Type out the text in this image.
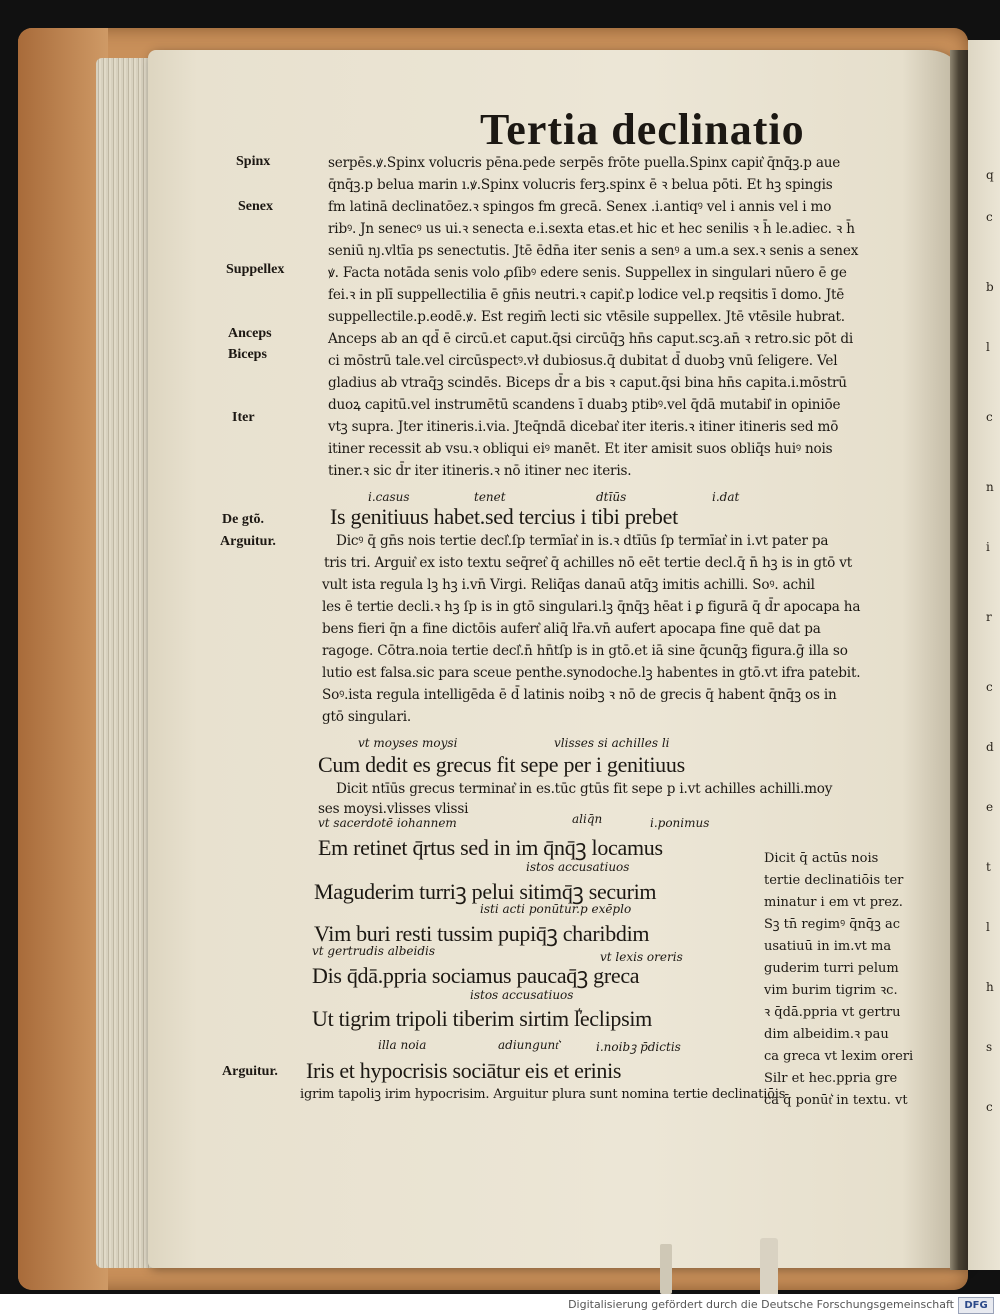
Tertia declinatio
Spinx
Senex
Suppellex
Anceps
Biceps
Iter
De gtõ.
Arguitur.
Arguitur.
serpēs.ꝟ.Spinx volucris pēna.pede serpēs frōte puella.Spinx capit͛ q̄nq̄ꝫ.p aue
q̄nq̄ꝫ.p belua marin ı.ꝟ.Spinx volucris ferꝫ.spinx ē ꝛ belua pōti. Et hꝫ spingis
fm latinā declinatōez.ꝛ spingos fm grecā. Senex .i.antiqꝰ vel i annis vel i mo
ribꝰ. Jn senecꝰ us ui.ꝛ senecta e.i.sexta etas.et hic et hec senilis ꝛ h̄ le.adiec. ꝛ h̄
seniū nȷ.vltīa ps senectutis. Jtē ēdn̄a iter senis a senꝰ a um.a sex.ꝛ senis a senex
ꝟ. Facta notāda senis volo ꝓſibꝰ edere senis. Suppellex in singulari nūero ē ge
fei.ꝛ in plī suppellectilia ē gn̄is neutri.ꝛ capit͛.p lodice vel.p reqsitis ī domo. Jtē
suppellectile.p.eodē.ꝟ. Est regim̄ lecti sic vtēsile suppellex. Jtē vtēsile hubrat.
Anceps ab an qd̄ ē circū.et caput.q̄si circūq̄ꝫ hn̄s caput.scꝫ.an̄ ꝛ retro.sic pōt di
ci mōstrū tale.vel circūspectꝰ.vł dubiosus.q̄ dubitat d̄ duobꝫ vnū ſeligere. Vel
gladius ab vtraq̄ꝫ scindēs. Biceps d̄r a bis ꝛ caput.q̄si bina hn̄s capita.i.mōstrū
duoꝝ capitū.vel instrumētū scandens ī duabꝫ ptibꝰ.vel q̄dā mutabil͛ in opiniōe
vtꝫ supra. Jter itineris.i.via. Jteq̄ndā dicebat͛ iter iteris.ꝛ itiner itineris sed mō
itiner recessit ab vsu.ꝛ obliqui eiꝰ manēt. Et iter amisit suos obliq̄s huiꝰ nois
tiner.ꝛ sic d̄r iter itineris.ꝛ nō itiner nec iteris.
i.casus	tenet	dtīūs	i.dat
Is genitiuus habet.sed tercius i tibi prebet
Dicꝰ q̄ gn̄s nois tertie decl͛.ſp termīat͛ in is.ꝛ dtīūs ſp termīat͛ in i.vt pater pa
tris tri. Arguit͛ ex isto textu seq̄ret͛ q̄ achilles nō eēt tertie decl.q̄ n̄ hꝫ is in gtō vt
vult ista regula lꝫ hꝫ i.vn̄ Virgi. Reliq̄as danaū atq̄ꝫ imitis achilli. Soꝰ. achil
les ē tertie decli.ꝛ hꝫ ſp is in gtō singulari.lꝫ q̄nq̄ꝫ hēat i ꝑ figurā q̄ d̄r apocapa ha
bens fieri q̄n a fine dictōis aufert͛ aliq̄ lr̄a.vn̄ aufert apocapa fine quē dat pa
ragoge. Cōtra.noia tertie decl͛.n̄ hn̄tſp is in gtō.et iā sine q̄cunq̄ꝫ figura.ḡ illa so
lutio est falsa.sic para sceue penthe.synodoche.lꝫ habentes in gtō.vt ifra patebit.
Soꝰ.ista regula intelligēda ē d̄ latinis noibꝫ ꝛ nō de grecis q̄ habent q̄nq̄ꝫ os in
gtō singulari.
vt moyses moysi	vlisses si achilles li
Cum dedit es grecus fit sepe per i genitiuus
Dicit ntīūs grecus terminat͛ in es.tūc gtūs fit sepe p i.vt achilles achilli.moy
ses moysi.vlisses vlissi
vt sacerdotē iohannem	aliq̄n	i.ponimus
Em retinet q̄rtus sed in im q̄nq̄ꝫ locamus
istos accusatiuos
Maguderim turriꝫ pelui sitimq̄ꝫ securim
isti acti ponūtur.p exēplo
Vim buri resti tussim pupiq̄ꝫ charibdim
vt gertrudis albeidis	vt lexis oreris
Dis q̄dā.ppria sociamus paucaq̄ꝫ greca
istos accusatiuos
Ut tigrim tripoli tiberim sirtim l͛eclipsim
illa noia	adiungunt͛	i.noibꝫ p̄dictis
Iris et hypocrisis sociātur eis et erinis
igrim tapoliꝫ irim hypocrisim. Arguitur plura sunt nomina tertie declinatiōis
Dicit q̄ actūs nois
tertie declinatiōis ter
minatur i em vt prez.
Sꝫ tn̄ regimꝰ q̄nq̄ꝫ ac
usatiuū in im.vt ma
guderim turri pelum
vim burim tigrim ꝛc.
ꝛ q̄dā.ppria vt gertru
dim albeidim.ꝛ pau
ca greca vt lexim oreri
Silr et hec.ppria gre
ca q̄ ponūt͛ in textu. vt
q
c
b
l
c
n
i
r
c
d
e
t
l
h
s
c
Digitalisierung gefördert durch die Deutsche Forschungsgemeinschaft	DFG
